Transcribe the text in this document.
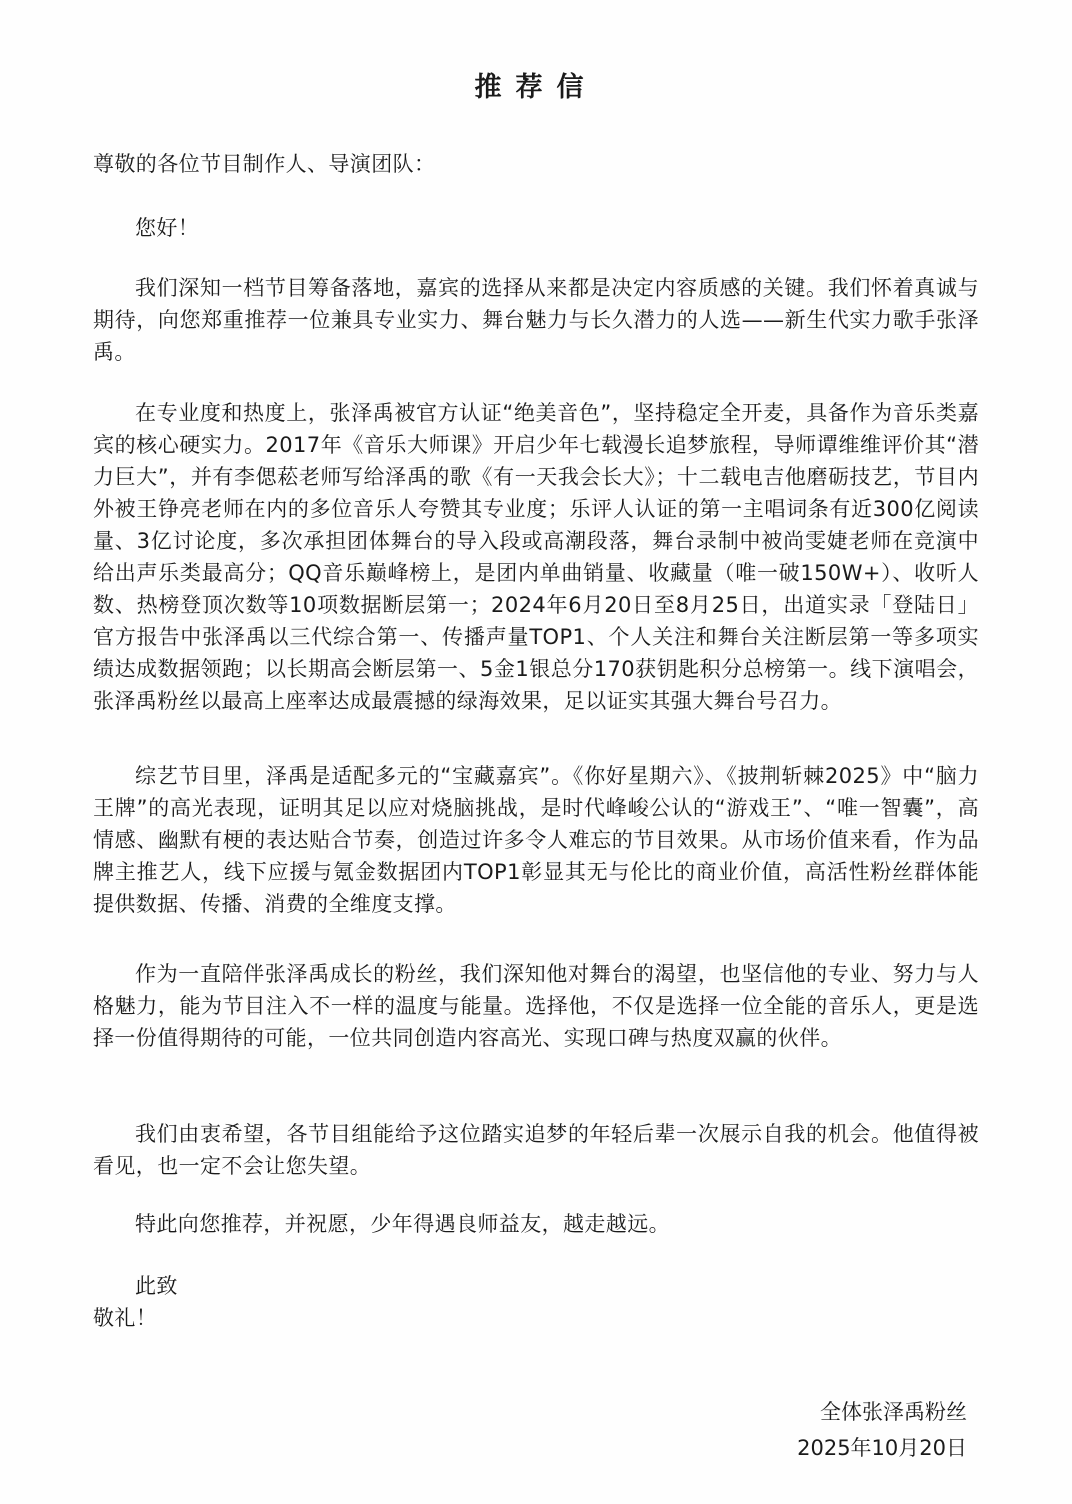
推荐信
尊敬的各位节目制作人、导演团队：

您好！

我们深知一档节目筹备落地，嘉宾的选择从来都是决定内容质感的关键。我们怀着真诚与期待，向您郑重推荐一位兼具专业实力、舞台魅力与长久潜力的人选——新生代实力歌手张泽禹。

在专业度和热度上，张泽禹被官方认证“绝美音色”，坚持稳定全开麦，具备作为音乐类嘉宾的核心硬实力。2017年《音乐大师课》开启少年七载漫长追梦旅程，导师谭维维评价其“潜力巨大”，并有李偲菘老师写给泽禹的歌《有一天我会长大》；十二载电吉他磨砺技艺，节目内外被王铮亮老师在内的多位音乐人夸赞其专业度；乐评人认证的第一主唱词条有近300亿阅读量、3亿讨论度，多次承担团体舞台的导入段或高潮段落，舞台录制中被尚雯婕老师在竞演中给出声乐类最高分；QQ音乐巅峰榜上，是团内单曲销量、收藏量（唯一破150W+）、收听人数、热榜登顶次数等10项数据断层第一；2024年6月20日至8月25日，出道实录「登陆日」官方报告中张泽禹以三代综合第一、传播声量TOP1、个人关注和舞台关注断层第一等多项实绩达成数据领跑；以长期高会断层第一、5金1银总分170获钥匙积分总榜第一。线下演唱会，张泽禹粉丝以最高上座率达成最震撼的绿海效果，足以证实其强大舞台号召力。

综艺节目里，泽禹是适配多元的“宝藏嘉宾”。《你好星期六》、《披荆斩棘2025》中“脑力王牌”的高光表现，证明其足以应对烧脑挑战，是时代峰峻公认的“游戏王”、“唯一智囊”，高情感、幽默有梗的表达贴合节奏，创造过许多令人难忘的节目效果。从市场价值来看，作为品牌主推艺人，线下应援与氪金数据团内TOP1彰显其无与伦比的商业价值，高活性粉丝群体能提供数据、传播、消费的全维度支撑。

作为一直陪伴张泽禹成长的粉丝，我们深知他对舞台的渴望，也坚信他的专业、努力与人格魅力，能为节目注入不一样的温度与能量。选择他，不仅是选择一位全能的音乐人，更是选择一份值得期待的可能，一位共同创造内容高光、实现口碑与热度双赢的伙伴。

我们由衷希望，各节目组能给予这位踏实追梦的年轻后辈一次展示自我的机会。他值得被看见，也一定不会让您失望。

特此向您推荐，并祝愿，少年得遇良师益友，越走越远。

此致

敬礼！
全体张泽禹粉丝
2025年10月20日
